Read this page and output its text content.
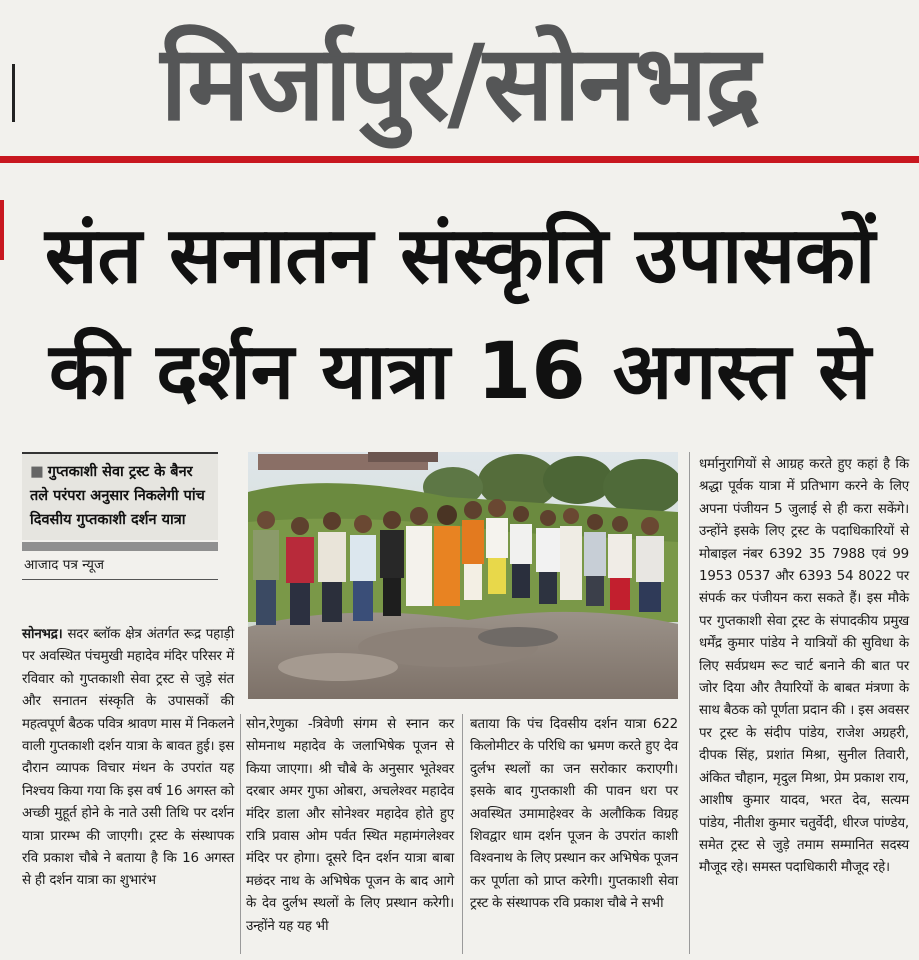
मिर्जापुर/सोनभद्र
संत सनातन संस्कृति उपासकों
की दर्शन यात्रा 16 अगस्त से
■ गुप्तकाशी सेवा ट्रस्ट के बैनर तले परंपरा अनुसार निकलेगी पांच दिवसीय गुप्तकाशी दर्शन यात्रा
आजाद पत्र न्यूज

सोनभद्र। सदर ब्लॉक क्षेत्र अंतर्गत रूद्र पहाड़ी पर अवस्थित पंचमुखी महादेव मंदिर परिसर में रविवार को गुप्तकाशी सेवा ट्रस्ट से जुड़े संत और सनातन संस्कृति के उपासकों की महत्वपूर्ण बैठक पवित्र श्रावण मास में निकलने वाली गुप्तकाशी दर्शन यात्रा के बावत हुई। इस दौरान व्यापक विचार मंथन के उपरांत यह निश्चय किया गया कि इस वर्ष 16 अगस्त को अच्छी मुहूर्त होने के नाते उसी तिथि पर दर्शन यात्रा प्रारम्भ की जाएगी। ट्रस्ट के संस्थापक रवि प्रकाश चौबे ने बताया है कि 16 अगस्त से ही दर्शन यात्रा का शुभारंभ

सोन,रेणुका -त्रिवेणी संगम से स्नान कर सोमनाथ महादेव के जलाभिषेक पूजन से किया जाएगा। श्री चौबे के अनुसार भूतेश्वर दरबार अमर गुफा ओबरा, अचलेश्वर महादेव मंदिर डाला और सोनेश्वर महादेव होते हुए रात्रि प्रवास ओम पर्वत स्थित महामंगलेश्वर मंदिर पर होगा। दूसरे दिन दर्शन यात्रा बाबा मछंदर नाथ के अभिषेक पूजन के बाद आगे के देव दुर्लभ स्थलों के लिए प्रस्थान करेगी। उन्होंने यह यह भी

बताया कि पंच दिवसीय दर्शन यात्रा 622 किलोमीटर के परिधि का भ्रमण करते हुए देव दुर्लभ स्थलों का जन सरोकार कराएगी। इसके बाद गुप्तकाशी की पावन धरा पर अवस्थित उमामाहेश्वर के अलौकिक विग्रह शिवद्वार धाम दर्शन पूजन के उपरांत काशी विश्वनाथ के लिए प्रस्थान कर अभिषेक पूजन कर पूर्णता को प्राप्त करेगी। गुप्तकाशी सेवा ट्रस्ट के संस्थापक रवि प्रकाश चौबे ने सभी

धर्मानुरागियों से आग्रह करते हुए कहां है कि श्रद्धा पूर्वक यात्रा में प्रतिभाग करने के लिए अपना पंजीयन 5 जुलाई से ही करा सकेंगे। उन्होंने इसके लिए ट्रस्ट के पदाधिकारियों से मोबाइल नंबर 6392 35 7988 एवं 99 1953 0537 और 6393 54 8022 पर संपर्क कर पंजीयन करा सकते हैं। इस मौके पर गुप्तकाशी सेवा ट्रस्ट के संपादकीय प्रमुख धर्मेंद्र कुमार पांडेय ने यात्रियों की सुविधा के लिए सर्वप्रथम रूट चार्ट बनाने की बात पर जोर दिया और तैयारियों के बाबत मंत्रणा के साथ बैठक को पूर्णता प्रदान की । इस अवसर पर ट्रस्ट के संदीप पांडेय, राजेश अग्रहरी, दीपक सिंह, प्रशांत मिश्रा, सुनील तिवारी, अंकित चौहान, मृदुल मिश्रा, प्रेम प्रकाश राय, आशीष कुमार यादव, भरत देव, सत्यम पांडेय, नीतीश कुमार चतुर्वेदी, धीरज पांण्डेय, समेत ट्रस्ट से जुड़े तमाम सम्मानित सदस्य मौजूद रहे। समस्त पदाधिकारी मौजूद रहे।
